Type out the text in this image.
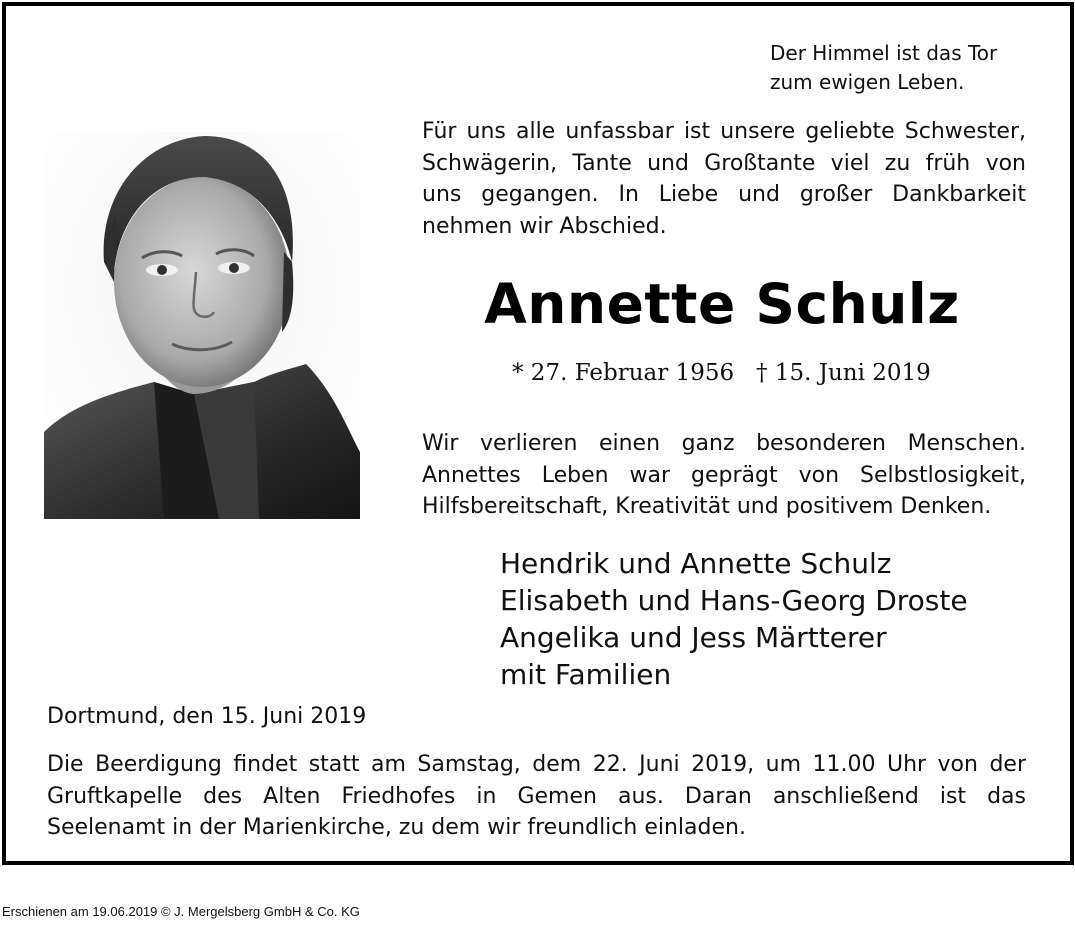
Der Himmel ist das Tor
zum ewigen Leben.
Für uns alle unfassbar ist unsere geliebte Schwester,
Schwägerin, Tante und Großtante viel zu früh von
uns gegangen. In Liebe und großer Dankbarkeit
nehmen wir Abschied.
Annette Schulz
* 27. Februar 1956   † 15. Juni 2019
Wir verlieren einen ganz besonderen Menschen.
Annettes Leben war geprägt von Selbstlosigkeit,
Hilfsbereitschaft, Kreativität und positivem Denken.
Hendrik und Annette Schulz
Elisabeth und Hans-Georg Droste
Angelika und Jess Märtterer
mit Familien
Dortmund, den 15. Juni 2019
Die Beerdigung findet statt am Samstag, dem 22. Juni 2019, um 11.00 Uhr von der
Gruftkapelle des Alten Friedhofes in Gemen aus. Daran anschließend ist das
Seelenamt in der Marienkirche, zu dem wir freundlich einladen.
Erschienen am 19.06.2019 © J. Mergelsberg GmbH & Co. KG
